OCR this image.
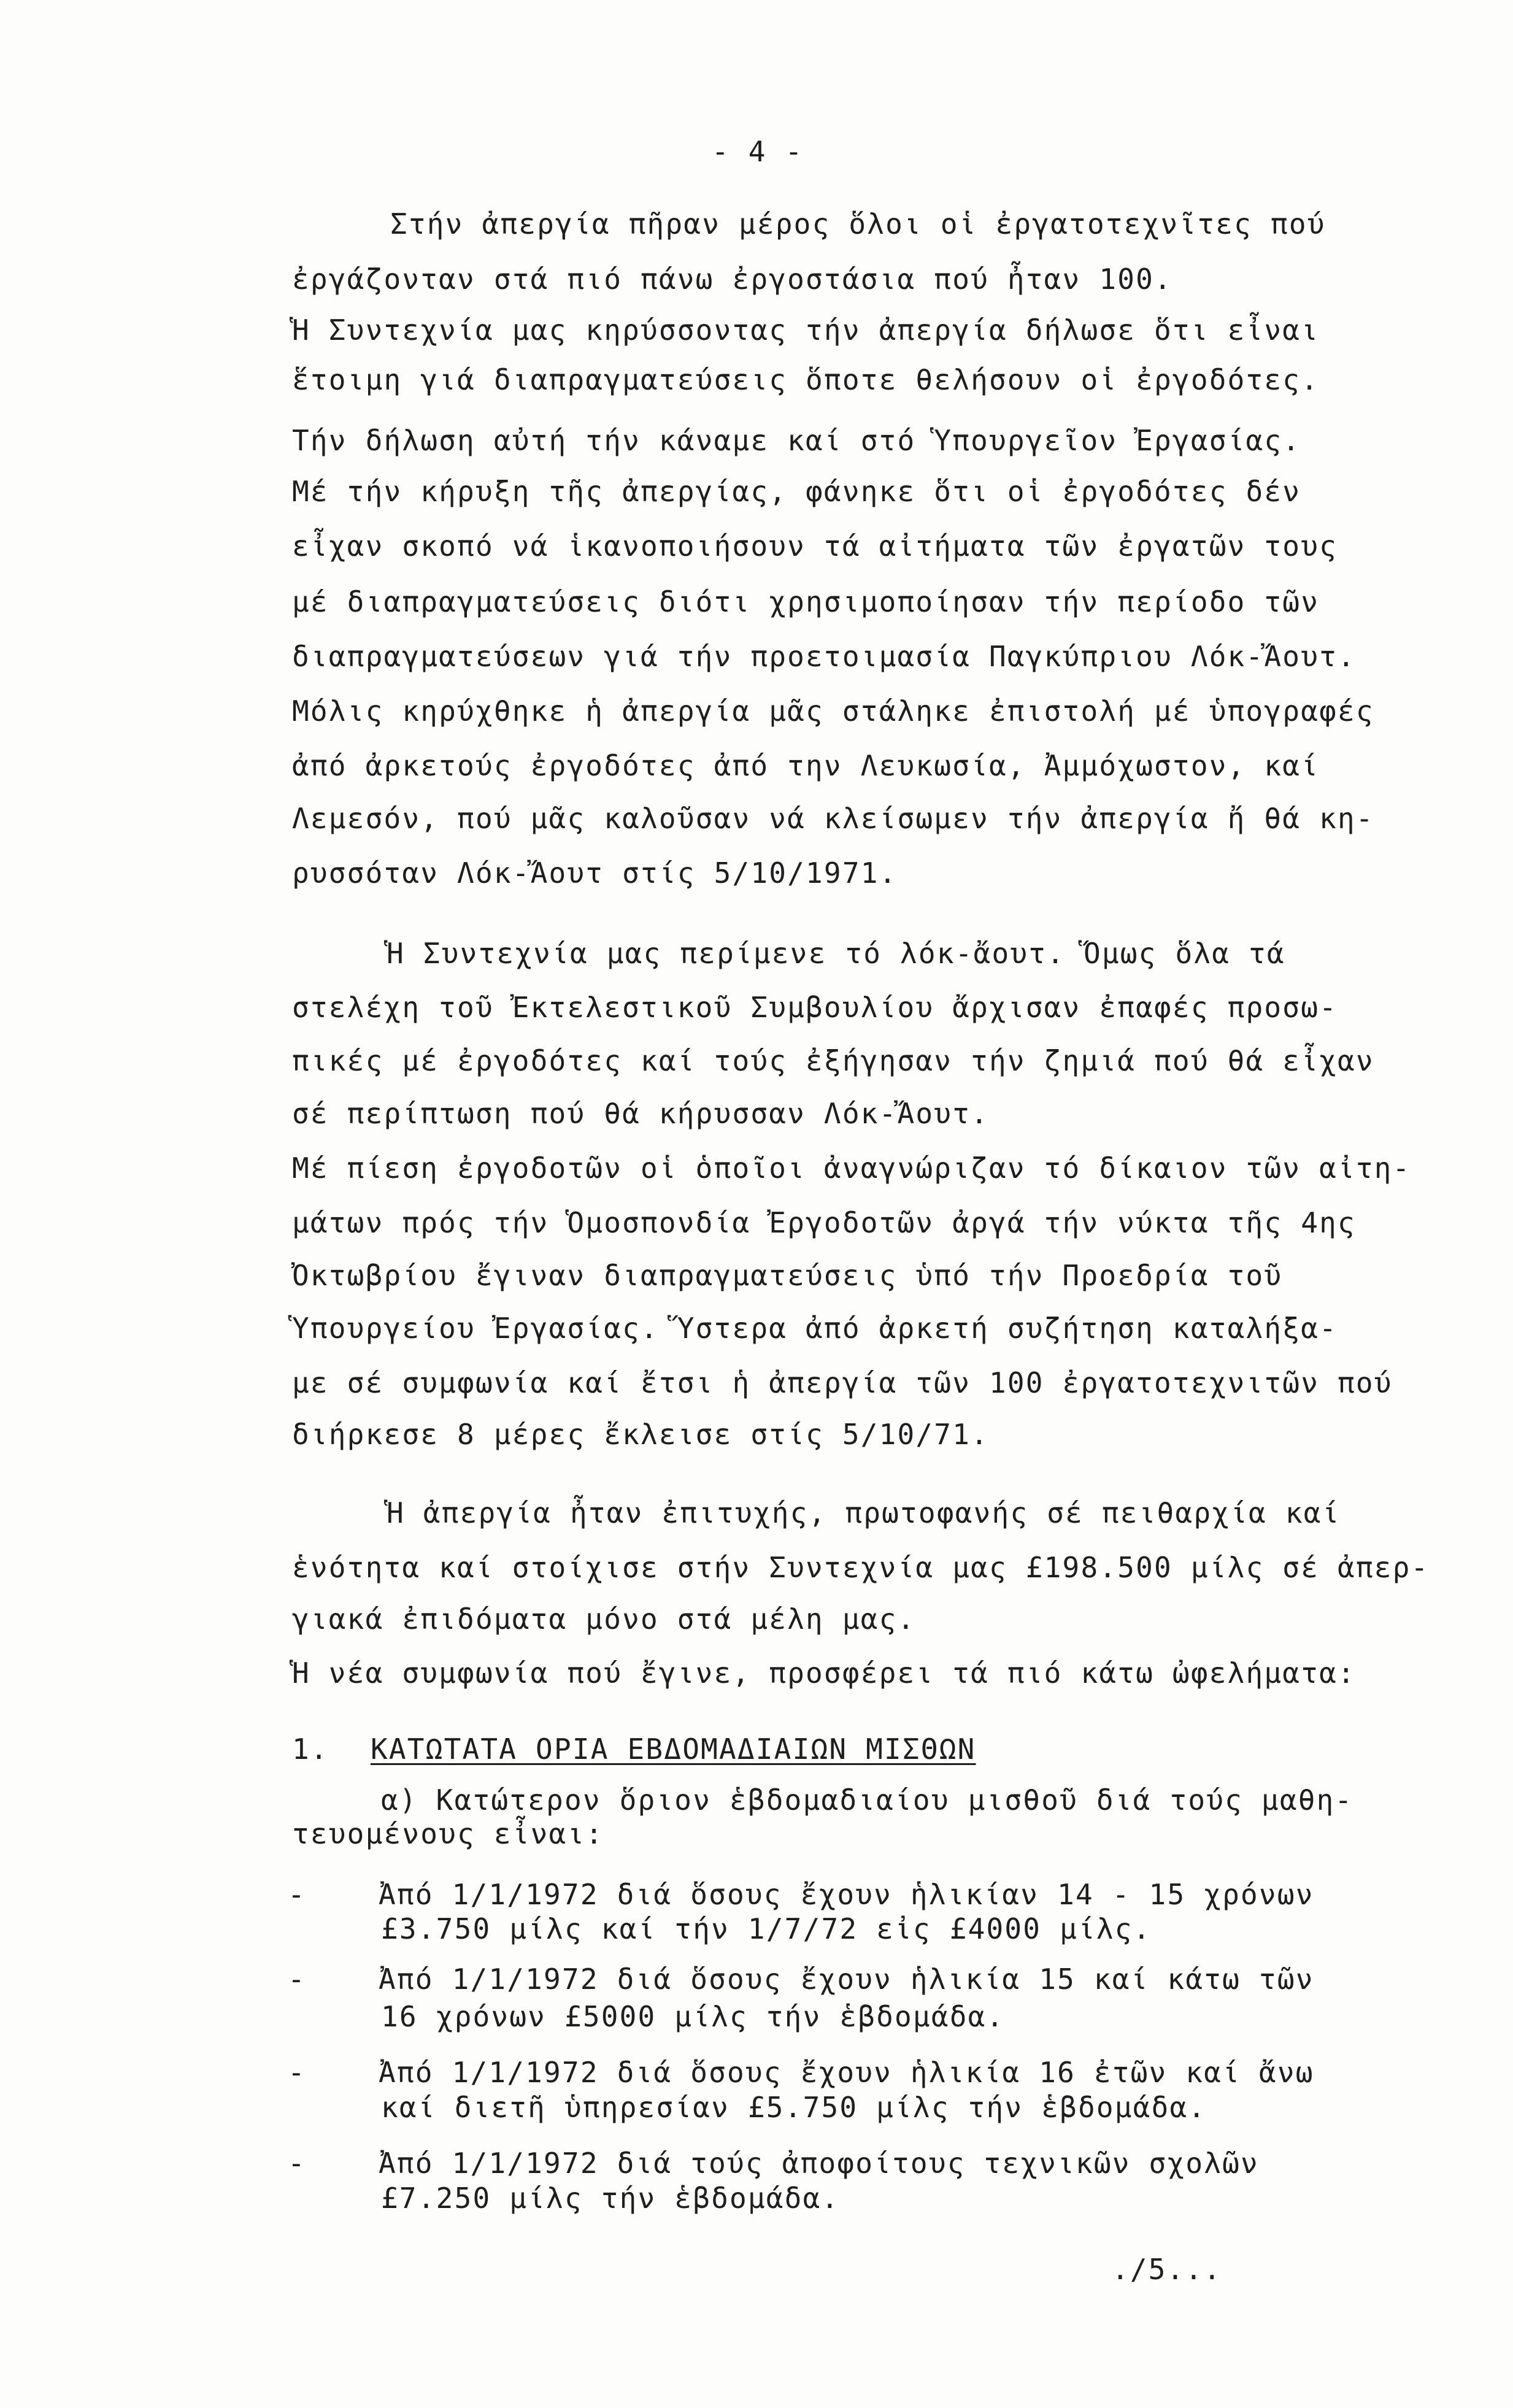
- 4 -
Στήν ἀπεργία πῆραν μέρος ὅλοι οἱ ἐργατοτεχνῖτες πού
ἐργάζονταν στά πιό πάνω ἐργοστάσια πού ἦταν 100.
Ἡ Συντεχνία μας κηρύσσοντας τήν ἀπεργία δήλωσε ὅτι εἶναι
ἕτοιμη γιά διαπραγματεύσεις ὅποτε θελήσουν οἱ ἐργοδότες.
Τήν δήλωση αὐτή τήν κάναμε καί στό Ὑπουργεῖον Ἐργασίας.
Μέ τήν κήρυξη τῆς ἀπεργίας, φάνηκε ὅτι οἱ ἐργοδότες δέν
εἶχαν σκοπό νά ἱκανοποιήσουν τά αἰτήματα τῶν ἐργατῶν τους
μέ διαπραγματεύσεις διότι χρησιμοποίησαν τήν περίοδο τῶν
διαπραγματεύσεων γιά τήν προετοιμασία Παγκύπριου Λόκ-Ἄουτ.
Μόλις κηρύχθηκε ἡ ἀπεργία μᾶς στάληκε ἐπιστολή μέ ὑπογραφές
ἀπό ἀρκετούς ἐργοδότες ἀπό την Λευκωσία, Ἀμμόχωστον, καί
Λεμεσόν, πού μᾶς καλοῦσαν νά κλείσωμεν τήν ἀπεργία ἤ θά κη-
ρυσσόταν Λόκ-Ἄουτ στίς 5/10/1971.
Ἡ Συντεχνία μας περίμενε τό λόκ-ἄουτ. Ὅμως ὅλα τά
στελέχη τοῦ Ἐκτελεστικοῦ Συμβουλίου ἄρχισαν ἐπαφές προσω-
πικές μέ ἐργοδότες καί τούς ἐξήγησαν τήν ζημιά πού θά εἶχαν
σέ περίπτωση πού θά κήρυσσαν Λόκ-Ἄουτ.
Μέ πίεση ἐργοδοτῶν οἱ ὁποῖοι ἀναγνώριζαν τό δίκαιον τῶν αἰτη-
μάτων πρός τήν Ὁμοσπονδία Ἐργοδοτῶν ἀργά τήν νύκτα τῆς 4ης
Ὀκτωβρίου ἔγιναν διαπραγματεύσεις ὑπό τήν Προεδρία τοῦ
Ὑπουργείου Ἐργασίας. Ὕστερα ἀπό ἀρκετή συζήτηση καταλήξα-
με σέ συμφωνία καί ἔτσι ἡ ἀπεργία τῶν 100 ἐργατοτεχνιτῶν πού
διήρκεσε 8 μέρες ἔκλεισε στίς 5/10/71.
Ἡ ἀπεργία ἦταν ἐπιτυχής, πρωτοφανής σέ πειθαρχία καί
ἑνότητα καί στοίχισε στήν Συντεχνία μας £198.500 μίλς σέ ἀπερ-
γιακά ἐπιδόματα μόνο στά μέλη μας.
Ἡ νέα συμφωνία πού ἔγινε, προσφέρει τά πιό κάτω ὠφελήματα:
1. ΚΑΤΩΤΑΤΑ ΟΡΙΑ ΕΒΔΟΜΑΔΙΑΙΩΝ ΜΙΣΘΩΝ
α) Κατώτερον ὅριον ἑβδομαδιαίου μισθοῦ διά τούς μαθη-
τευομένους εἶναι:
-	Ἀπό 1/1/1972 διά ὅσους ἔχουν ἡλικίαν 14 - 15 χρόνων
£3.750 μίλς καί τήν 1/7/72 εἰς £4000 μίλς.
-	Ἀπό 1/1/1972 διά ὅσους ἔχουν ἡλικία 15 καί κάτω τῶν
16 χρόνων £5000 μίλς τήν ἑβδομάδα.
-	Ἀπό 1/1/1972 διά ὅσους ἔχουν ἡλικία 16 ἐτῶν καί ἄνω
καί διετῆ ὑπηρεσίαν £5.750 μίλς τήν ἑβδομάδα.
-	Ἀπό 1/1/1972 διά τούς ἀποφοίτους τεχνικῶν σχολῶν
£7.250 μίλς τήν ἑβδομάδα.
./5...
